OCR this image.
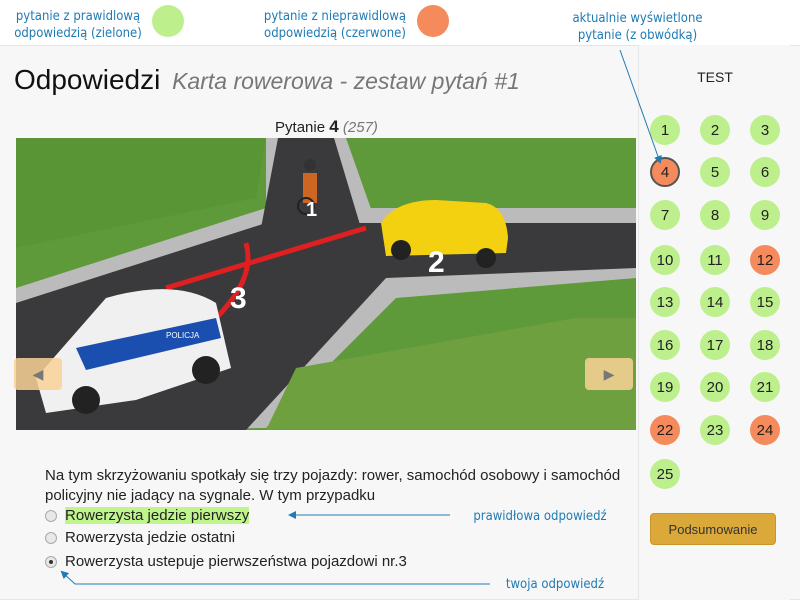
pytanie z prawidlową
odpowiedzią (zielone)
pytanie z nieprawidlową
odpowiedzią (czerwone)
aktualnie wyświetlone
pytanie (z obwódką)
Odpowiedzi Karta rowerowa - zestaw pytań #1
Pytanie 4 (257)
POLICJA
1
2
3
◀	▶
Na tym skrzyżowaniu spotkały się trzy pojazdy: rower, samochód osobowy i samochód policyjny nie jadący na sygnale. W tym przypadku
Rowerzysta jedzie pierwszy
Rowerzysta jedzie ostatni
Rowerzysta ustepuje pierwszeństwa pojazdowi nr.3
prawidłowa odpowiedź
twoja odpowiedź
TEST
1	2	3
4	5	6
7	8	9
10	11	12
13	14	15
16	17	18
19	20	21
22	23	24
25
Podsumowanie
